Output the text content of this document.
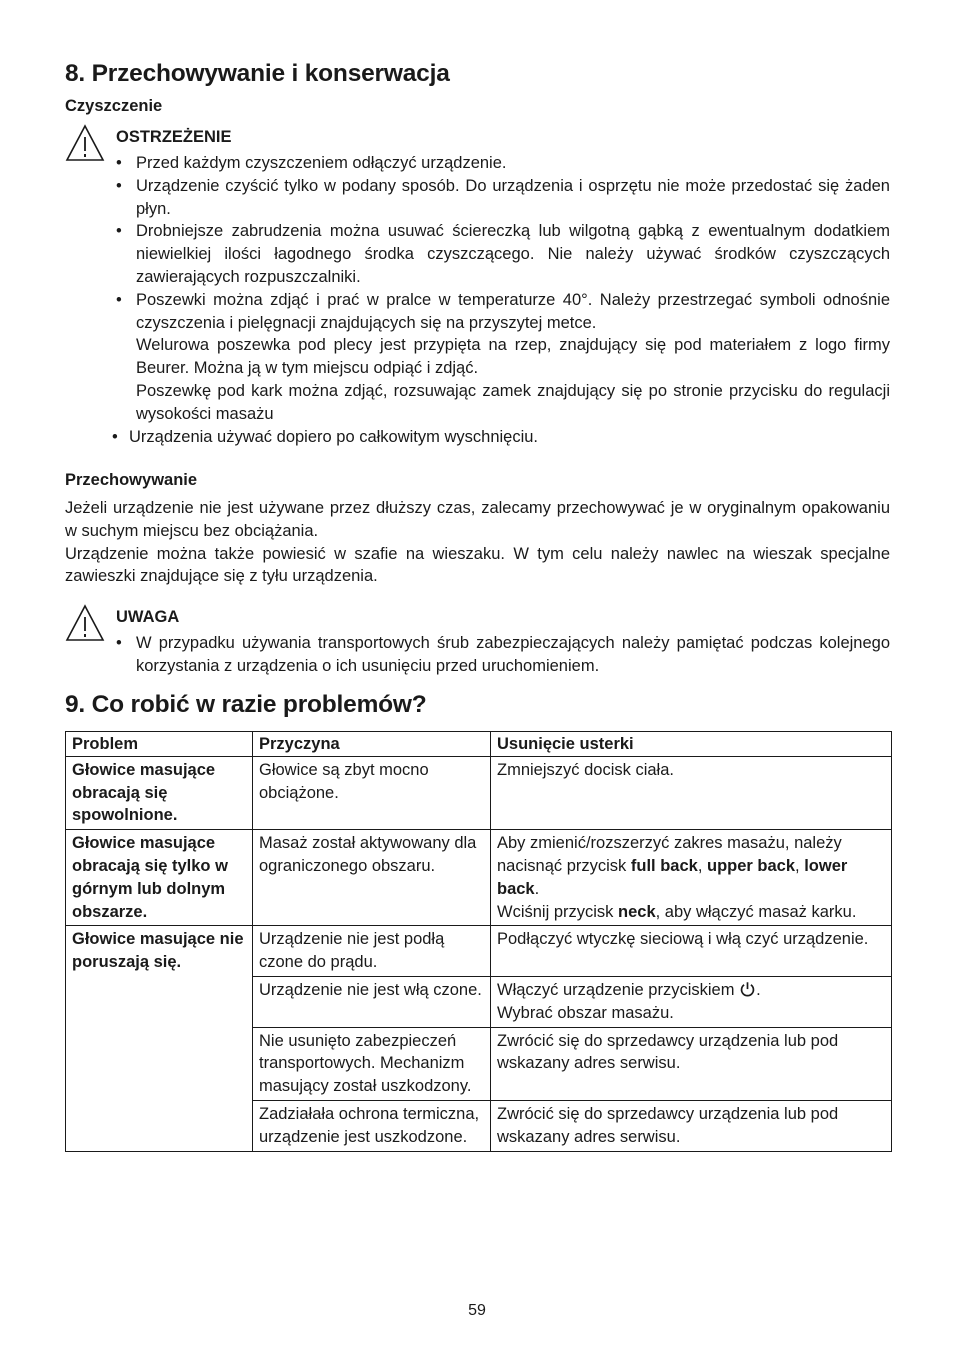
8. Przechowywanie i konserwacja
Czyszczenie
OSTRZEŻENIE
• Przed każdym czyszczeniem odłączyć urządzenie.
• Urządzenie czyścić tylko w podany sposób. Do urządzenia i osprzętu nie może przedostać się żaden płyn.
• Drobniejsze zabrudzenia można usuwać ściereczką lub wilgotną gąbką z ewentualnym dodatkiem niewielkiej ilości łagodnego środka czyszczącego. Nie należy używać środków czyszczących zawierających rozpuszczalniki.
• Poszewki można zdjąć i prać w pralce w temperaturze 40°. Należy przestrzegać symboli odnośnie czyszczenia i pielęgnacji znajdujących się na przyszytej metce.
Welurowa poszewka pod plecy jest przypięta na rzep, znajdujący się pod materiałem z logo firmy Beurer. Można ją w tym miejscu odpiąć i zdjąć.
Poszewkę pod kark można zdjąć, rozsuwając zamek znajdujący się po stronie przycisku do regulacji wysokości masażu
• Urządzenia używać dopiero po całkowitym wyschnięciu.
Przechowywanie

Jeżeli urządzenie nie jest używane przez dłuższy czas, zalecamy przechowywać je w oryginalnym opakowaniu w suchym miejscu bez obciążania.

Urządzenie można także powiesić w szafie na wieszaku. W tym celu należy nawlec na wieszak specjalne zawieszki znajdujące się z tyłu urządzenia.

UWAGA
• W przypadku używania transportowych śrub zabezpieczających należy pamiętać podczas kolejnego korzystania z urządzenia o ich usunięciu przed uruchomieniem.
9. Co robić w razie problemów?
Problem	Przyczyna	Usunięcie usterki
Głowice masujące obracają się spowolnione.	Głowice są zbyt mocno obciążone.	Zmniejszyć docisk ciała.
Głowice masujące obracają się tylko w górnym lub dolnym obszarze.	Masaż został aktywowany dla ograniczonego obszaru.	Aby zmienić/rozszerzyć zakres masażu, należy nacisnąć przycisk full back, upper back, lower back.
Wciśnij przycisk neck, aby włączyć masaż karku.
Głowice masujące nie poruszają się.	Urządzenie nie jest podłą czone do prądu.	Podłączyć wtyczkę sieciową i włą czyć urządzenie.
	Urządzenie nie jest włą czone.	Włączyć urządzenie przyciskiem .
Wybrać obszar masażu.
	Nie usunięto zabezpieczeń transportowych. Mechanizm masujący został uszkodzony.	Zwrócić się do sprzedawcy urządzenia lub pod wskazany adres serwisu.
	Zadziałała ochrona termiczna, urządzenie jest uszkodzone.	Zwrócić się do sprzedawcy urządzenia lub pod wskazany adres serwisu.
59
